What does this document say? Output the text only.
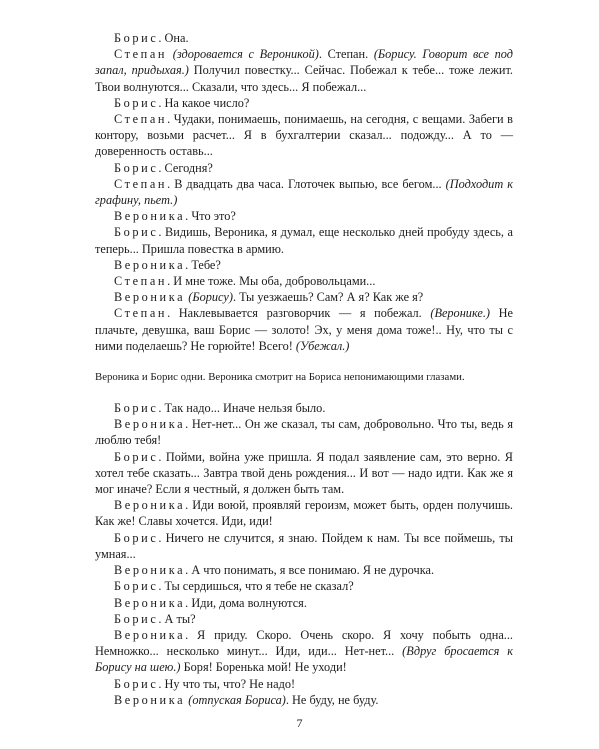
Борис. Она.

Степан (здоровается с Вероникой). Степан. (Борису. Говорит все под запал, придыхая.) Получил повестку... Сейчас. Побежал к тебе... тоже лежит. Твои волнуются... Сказали, что здесь... Я побежал...

Борис. На какое число?

Степан. Чудаки, понимаешь, понимаешь, на сегодня, с вещами. Забеги в контору, возьми расчет... Я в бухгалтерии сказал... подожду... А то — доверенность оставь...

Борис. Сегодня?

Степан. В двадцать два часа. Глоточек выпью, все бегом... (Подходит к графину, пьет.)

Вероника. Что это?

Борис. Видишь, Вероника, я думал, еще несколько дней пробуду здесь, а теперь... Пришла повестка в армию.

Вероника. Тебе?

Степан. И мне тоже. Мы оба, добровольцами...

Вероника (Борису). Ты уезжаешь? Сам? А я? Как же я?

Степан. Наклевывается разговорчик — я побежал. (Веронике.) Не плачьте, девушка, ваш Борис — золото! Эх, у меня дома тоже!.. Ну, что ты с ними поделаешь? Не горюйте! Всего! (Убежал.)

Вероника и Борис одни. Вероника смотрит на Бориса непонимающими глазами.

Борис. Так надо... Иначе нельзя было.

Вероника. Нет-нет... Он же сказал, ты сам, добровольно. Что ты, ведь я люблю тебя!

Борис. Пойми, война уже пришла. Я подал заявление сам, это верно. Я хотел тебе сказать... Завтра твой день рождения... И вот — надо идти. Как же я мог иначе? Если я честный, я должен быть там.

Вероника. Иди воюй, проявляй героизм, может быть, орден получишь. Как же! Славы хочется. Иди, иди!

Борис. Ничего не случится, я знаю. Пойдем к нам. Ты все поймешь, ты умная...

Вероника. А что понимать, я все понимаю. Я не дурочка.

Борис. Ты сердишься, что я тебе не сказал?

Вероника. Иди, дома волнуются.

Борис. А ты?

Вероника. Я приду. Скоро. Очень скоро. Я хочу побыть одна... Немножко... несколько минут... Иди, иди... Нет-нет... (Вдруг бросается к Борису на шею.) Боря! Боренька мой! Не уходи!

Борис. Ну что ты, что? Не надо!

Вероника (отпуская Бориса). Не буду, не буду.

7
